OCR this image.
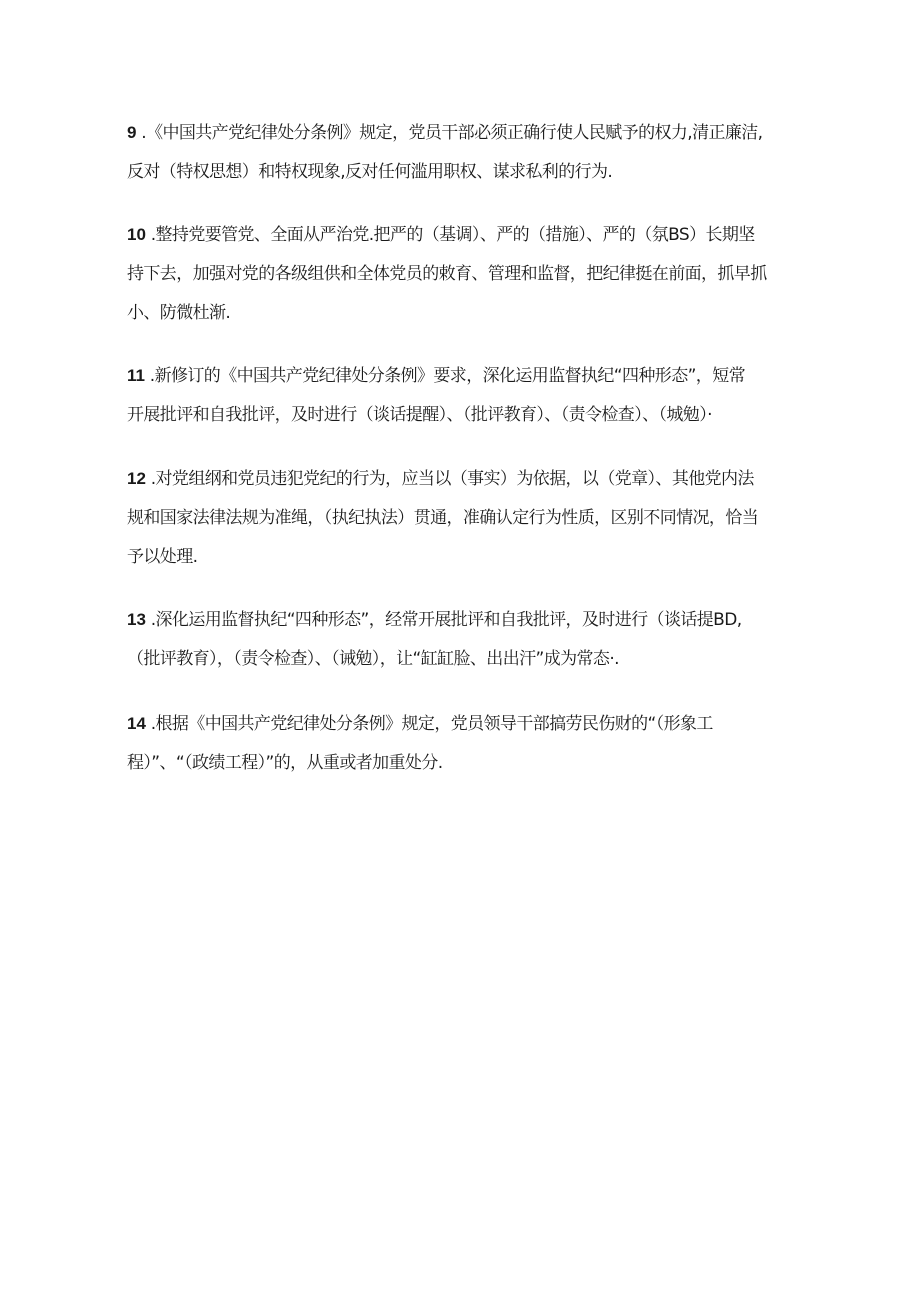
9 .《中国共产党纪律处分条例》规定，党员干部必须正确行使人民赋予的权力,清正廉洁,
反对（特权思想）和特权现象,反对任何滥用职权、谋求私利的行为.
10 .整持党要管党、全面从严治党.把严的（基调）、严的（措施）、严的（氛BS）长期坚
持下去，加强对党的各级组供和全体党员的敕育、管理和监督，把纪律挺在前面，抓早抓
小、防微杜渐.
11 .新修订的《中国共产党纪律处分条例》要求，深化运用监督执纪“四种形态”，短常
开展批评和自我批评，及时进行（谈话提醒）、（批评教育）、（责令检查）、（城勉）·
12 .对党组纲和党员违犯党纪的行为，应当以（事实）为依据，以（党章）、其他党内法
规和国家法律法规为准绳，（执纪执法）贯通，准确认定行为性质，区别不同情况，恰当
予以处理.
13 .深化运用监督执纪“四种形态”，经常开展批评和自我批评，及时进行（谈话提BD,
（批评教育），（责令检查）、（诫勉），让“缸缸脸、出出汗”成为常态·.
14 .根据《中国共产党纪律处分条例》规定，党员领导干部搞劳民伤财的“（形象工
程）”、“（政绩工程）”的，从重或者加重处分.
